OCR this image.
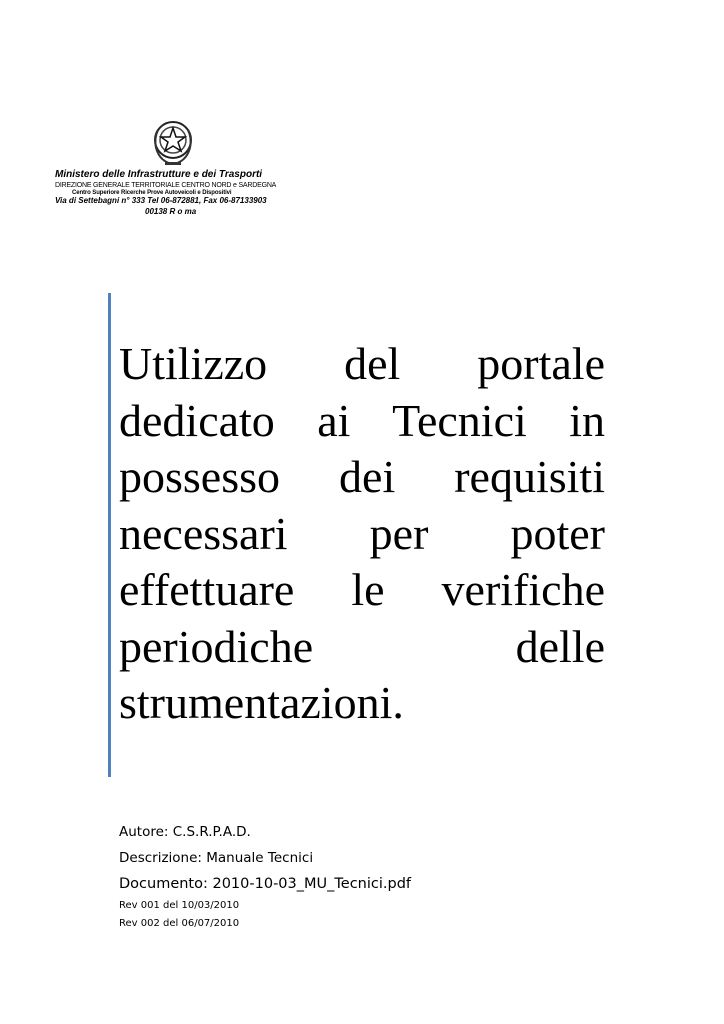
Ministero delle Infrastrutture e dei Trasporti
DIREZIONE GENERALE TERRITORIALE CENTRO NORD e SARDEGNA
Centro Superiore Ricerche Prove Autoveicoli e Dispositivi
Via di Settebagni n° 333 Tel 06-872881, Fax 06-87133903
00138 R o ma
Utilizzo del portale dedicato ai Tecnici in possesso dei requisiti necessari per poter effettuare le verifiche periodiche delle strumentazioni.
Autore: C.S.R.P.A.D.
Descrizione: Manuale Tecnici
Documento: 2010-10-03_MU_Tecnici.pdf
Rev 001 del 10/03/2010
Rev 002 del 06/07/2010
